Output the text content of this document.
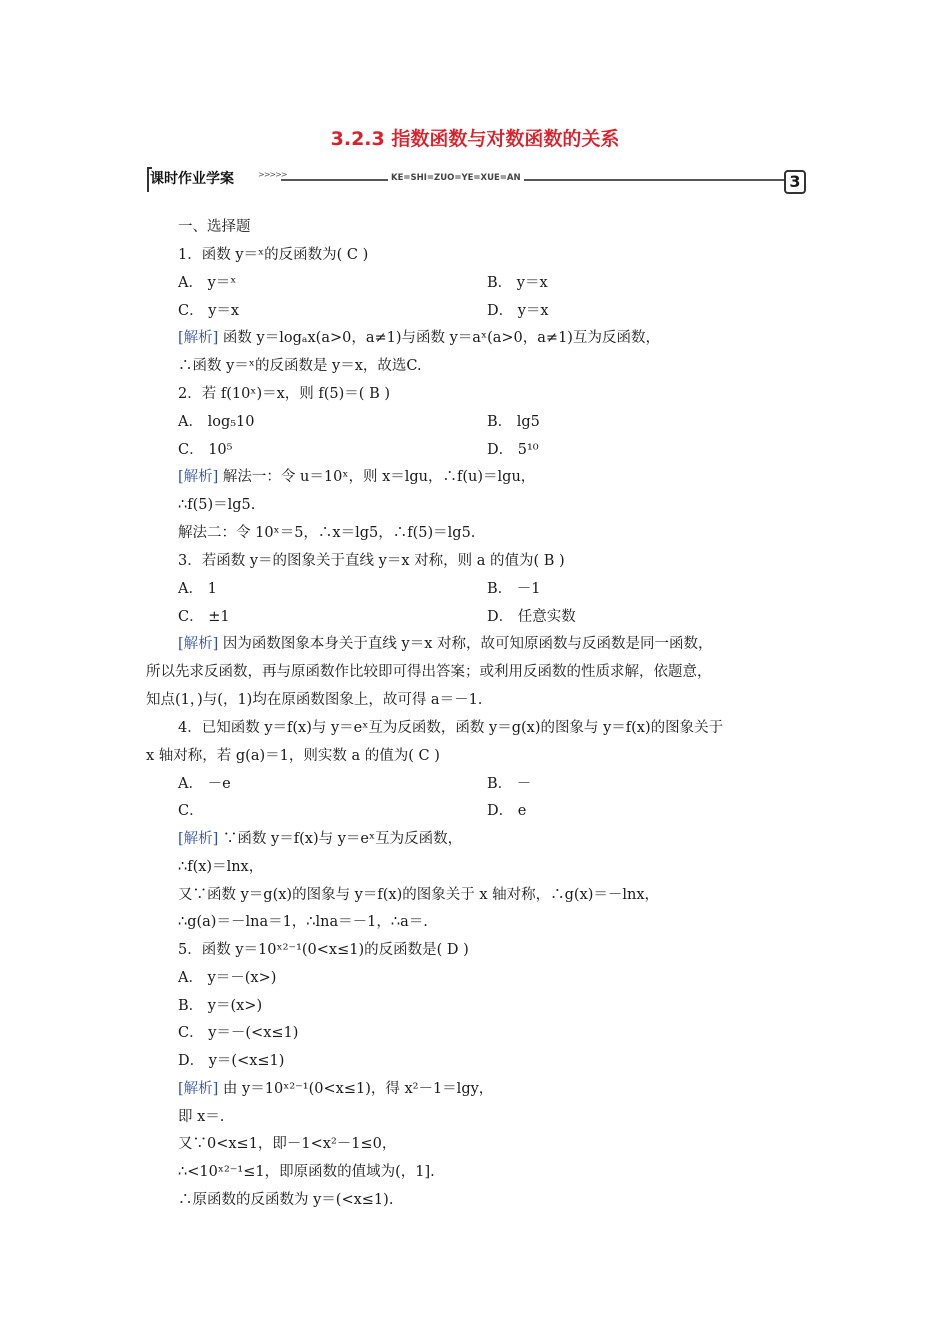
3.2.3 指数函数与对数函数的关系
课时作业学案	>>>>>	KE=SHI=ZUO=YE=XUE=AN	3
一、选择题
1．函数 y＝ˣ的反函数为( C )
A． y＝ˣ	B． y＝x
C． y＝x	D． y＝x
[解析] 函数 y＝logₐx(a>0，a≠1)与函数 y＝aˣ(a>0，a≠1)互为反函数，
∴函数 y＝ˣ的反函数是 y＝x，故选C.
2．若 f(10ˣ)＝x，则 f(5)＝( B )
A． log₅10	B． lg5
C． 10⁵	D． 5¹⁰
[解析] 解法一：令 u＝10ˣ，则 x＝lgu，∴f(u)＝lgu，
∴f(5)＝lg5.
解法二：令 10ˣ＝5，∴x＝lg5，∴f(5)＝lg5.
3．若函数 y＝的图象关于直线 y＝x 对称，则 a 的值为( B )
A． 1	B． －1
C． ±1	D． 任意实数
[解析] 因为函数图象本身关于直线 y＝x 对称，故可知原函数与反函数是同一函数，
所以先求反函数，再与原函数作比较即可得出答案；或利用反函数的性质求解，依题意，
知点(1，)与(，1)均在原函数图象上，故可得 a＝－1.
4．已知函数 y＝f(x)与 y＝eˣ互为反函数，函数 y＝g(x)的图象与 y＝f(x)的图象关于
x 轴对称，若 g(a)＝1，则实数 a 的值为( C )
A． －e	B． －
C．	D． e
[解析] ∵函数 y＝f(x)与 y＝eˣ互为反函数，
∴f(x)＝lnx，
又∵函数 y＝g(x)的图象与 y＝f(x)的图象关于 x 轴对称，∴g(x)＝－lnx，
∴g(a)＝－lna＝1，∴lna＝－1，∴a＝.
5．函数 y＝10ˣ²⁻¹(0<x≤1)的反函数是( D )
A． y＝－(x>)
B． y＝(x>)
C． y＝－(<x≤1)
D． y＝(<x≤1)
[解析] 由 y＝10ˣ²⁻¹(0<x≤1)，得 x²－1＝lgy，
即 x＝.
又∵0<x≤1，即－1<x²－1≤0，
∴<10ˣ²⁻¹≤1，即原函数的值域为(，1].
∴原函数的反函数为 y＝(<x≤1).
